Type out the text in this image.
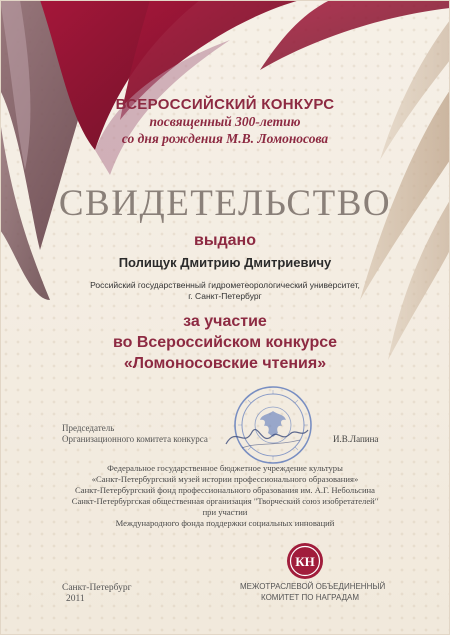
ВСЕРОССИЙСКИЙ КОНКУРС
посвященный 300-летию
со дня рождения М.В. Ломоносова
СВИДЕТЕЛЬСТВО
выдано
Полищук Дмитрию Дмитриевичу
Российский государственный гидрометеорологический университет,
г. Санкт-Петербург
за участие
во Всероссийском конкурсе
«Ломоносовские чтения»
Председатель
Организационного комитета конкурса	И.В.Лапина
Федеральное государственное бюджетное учреждение культуры
«Санкт-Петербургский музей истории профессионального образования»
Санкт-Петербургский фонд профессионального образования им. А.Г. Небольсина
Санкт-Петербургская общественная организация "Творческий союз изобретателей"
при участии
Международного фонда поддержки социальных инноваций
Санкт-Петербург
2011
КН
МЕЖОТРАСЛЕВОЙ ОБЪЕДИНЕННЫЙ
КОМИТЕТ ПО НАГРАДАМ
